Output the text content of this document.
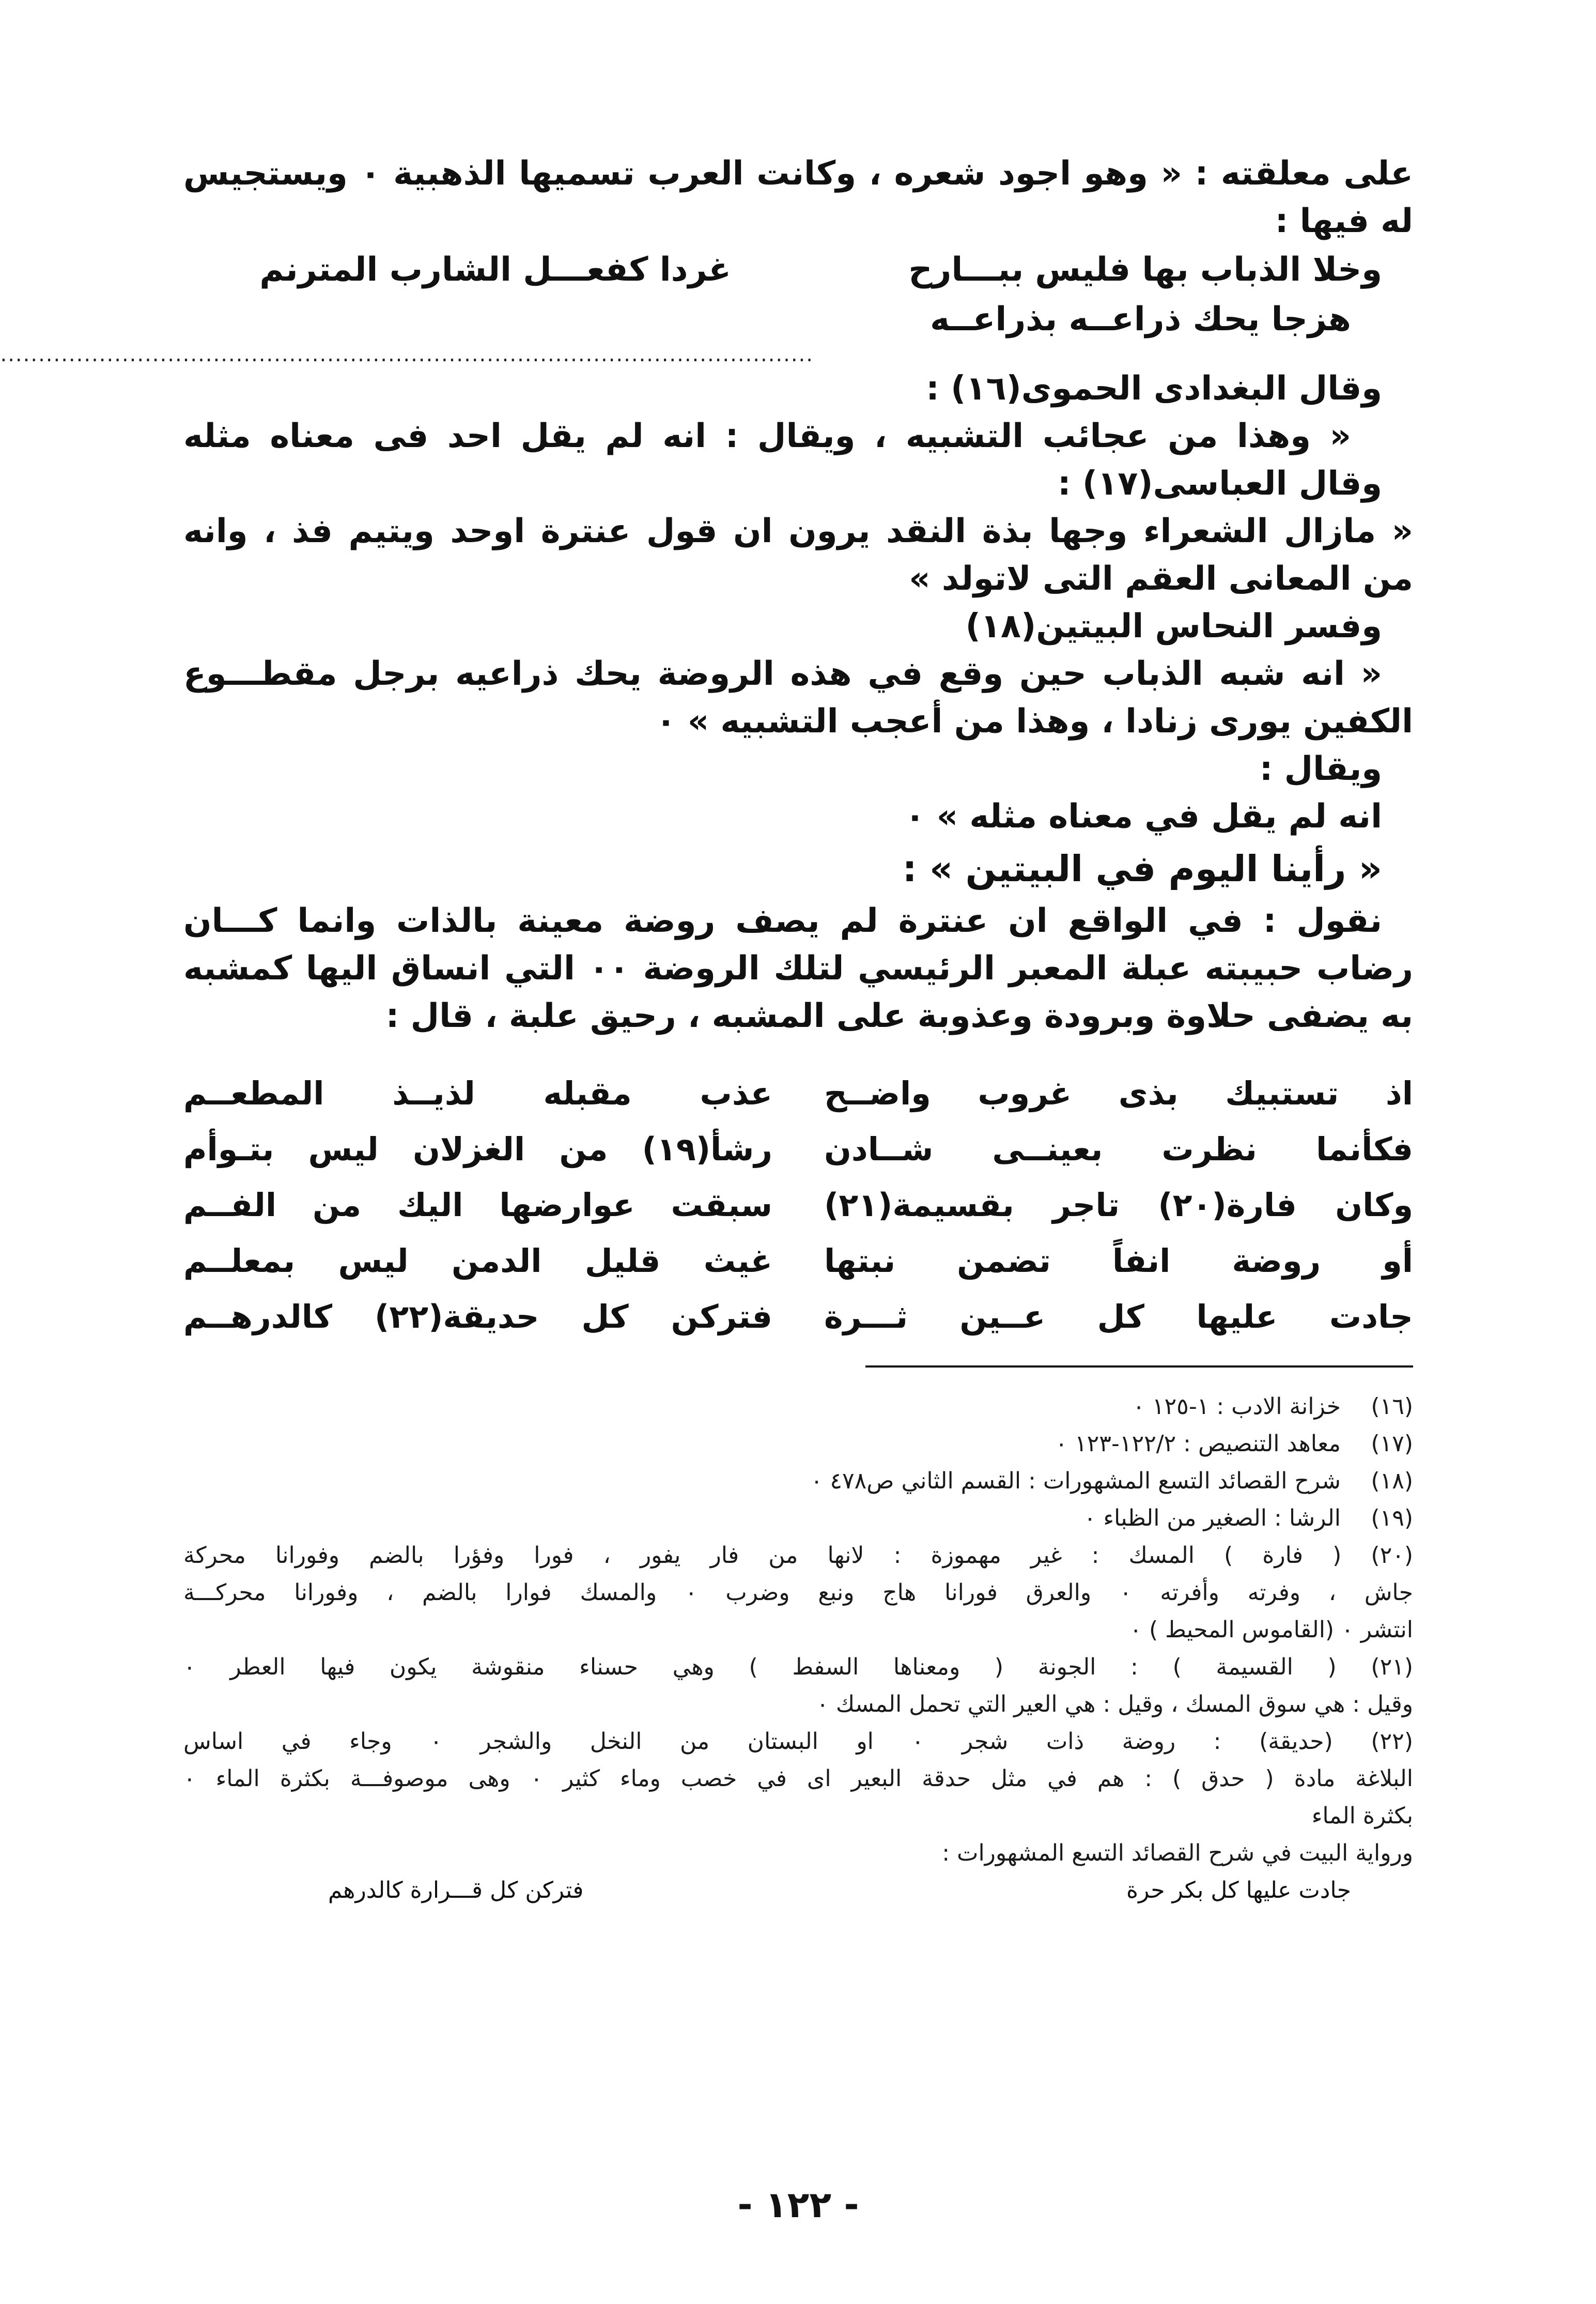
على معلقته : « وهو اجود شعره ، وكانت العرب تسميها الذهبية ٠ ويستجيس
له فيها :
وخلا الذباب بها فليس ببـــارح
غردا كفعـــل الشارب المترنم
هزجا يحك ذراعــه بذراعــه
...........................................................................................................
وقال البغدادى الحموى(١٦) :
« وهذا من عجائب التشبيه ، ويقال : انه لم يقل احد فى معناه مثله
وقال العباسى(١٧) :
« مازال الشعراء وجها بذة النقد يرون ان قول عنترة اوحد ويتيم فذ ، وانه
من المعانى العقم التى لاتولد »
وفسر النحاس البيتين(١٨)
« انه شبه الذباب حين وقع في هذه الروضة يحك ذراعيه برجل مقطـــوع
الكفين يورى زنادا ، وهذا من أعجب التشبيه » ٠
ويقال :
انه لم يقل في معناه مثله » ٠
« رأينا اليوم في البيتين » :
نقول : في الواقع ان عنترة لم يصف روضة معينة بالذات وانما كـــان
رضاب حبيبته عبلة المعبر الرئيسي لتلك الروضة ٠٠ التي انساق اليها كمشبه
به يضفى حلاوة وبرودة وعذوبة على المشبه ، رحيق علبة ، قال :
اذ تستبيك بذى غروب واضــح
عذب مقبله لذيــذ المطعــم
فكأنما نظرت بعينــى شــادن
رشأ(١٩) من الغزلان ليس بتـوأم
وكان فارة(٢٠) تاجر بقسيمة(٢١)
سبقت عوارضها اليك من الفــم
أو روضة انفاً تضمن نبتها
غيث قليل الدمن ليس بمعلــم
جادت عليها كل عــين ثـــرة
فتركن كل حديقة(٢٢) كالدرهــم
(١٦)خزانة الادب : ١-١٢٥ ٠
(١٧)معاهد التنصيص : ١٢٢/٢-١٢٣ ٠
(١٨)شرح القصائد التسع المشهورات : القسم الثاني ص٤٧٨ ٠
(١٩)الرشا : الصغير من الظباء ٠
(٢٠) ( فارة ) المسك : غير مهموزة : لانها من فار يفور ، فورا وفؤرا بالضم وفورانا محركة
جاش ، وفرته وأفرته ٠ والعرق فورانا هاج ونبع وضرب ٠ والمسك فوارا بالضم ، وفورانا محركـــة
انتشر ٠ (القاموس المحيط ) ٠
(٢١) ( القسيمة ) : الجونة ( ومعناها السفط ) وهي حسناء منقوشة يكون فيها العطر ٠
وقيل : هي سوق المسك ، وقيل : هي العير التي تحمل المسك ٠
(٢٢) (حديقة) : روضة ذات شجر ٠ او البستان من النخل والشجر ٠ وجاء في اساس
البلاغة مادة ( حدق ) : هم في مثل حدقة البعير اى في خصب وماء كثير ٠ وهى موصوفـــة بكثرة الماء ٠
بكثرة الماء
ورواية البيت في شرح القصائد التسع المشهورات :
جادت عليها كل بكر حرة
فتركن كل قـــرارة كالدرهم
- ١٢٢ -
